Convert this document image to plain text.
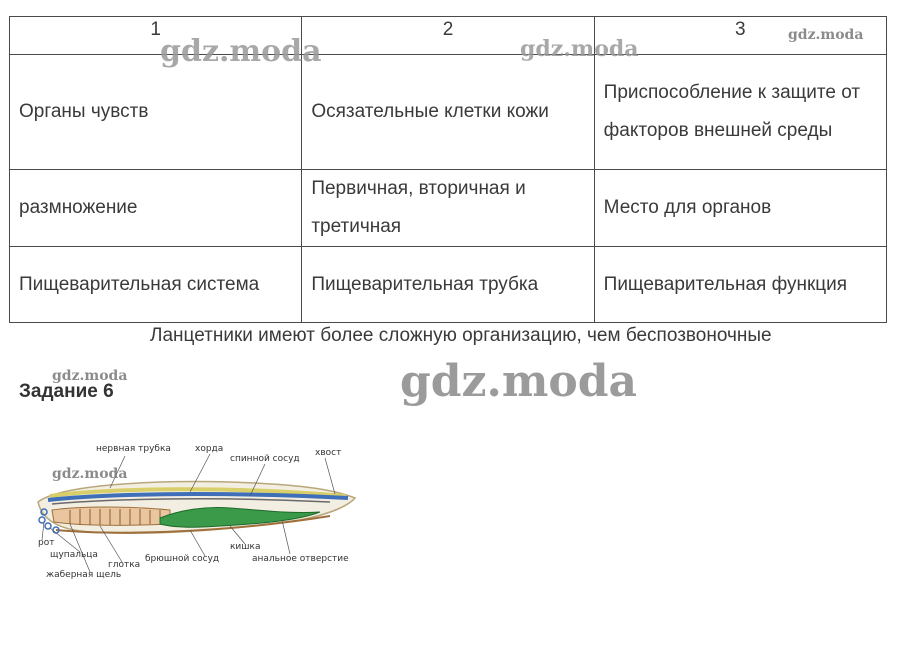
1	2	3
Органы чувств	Осязательные клетки кожи	Приспособление к защите от факторов внешней среды
размножение	Первичная, вторичная и третичная	Место для органов
Пищеварительная система	Пищеварительная трубка	Пищеварительная функция
gdz.moda	gdz.moda
gdz.moda
Ланцетники имеют более сложную организацию, чем беспозвоночные
gdz.moda
gdz.moda
Задание 6
нервная трубка	хорда
спинной сосуд
хвост
рот
щупальца
глотка
жаберная щель
брюшной сосуд
кишка
анальное отверстие
gdz.moda
